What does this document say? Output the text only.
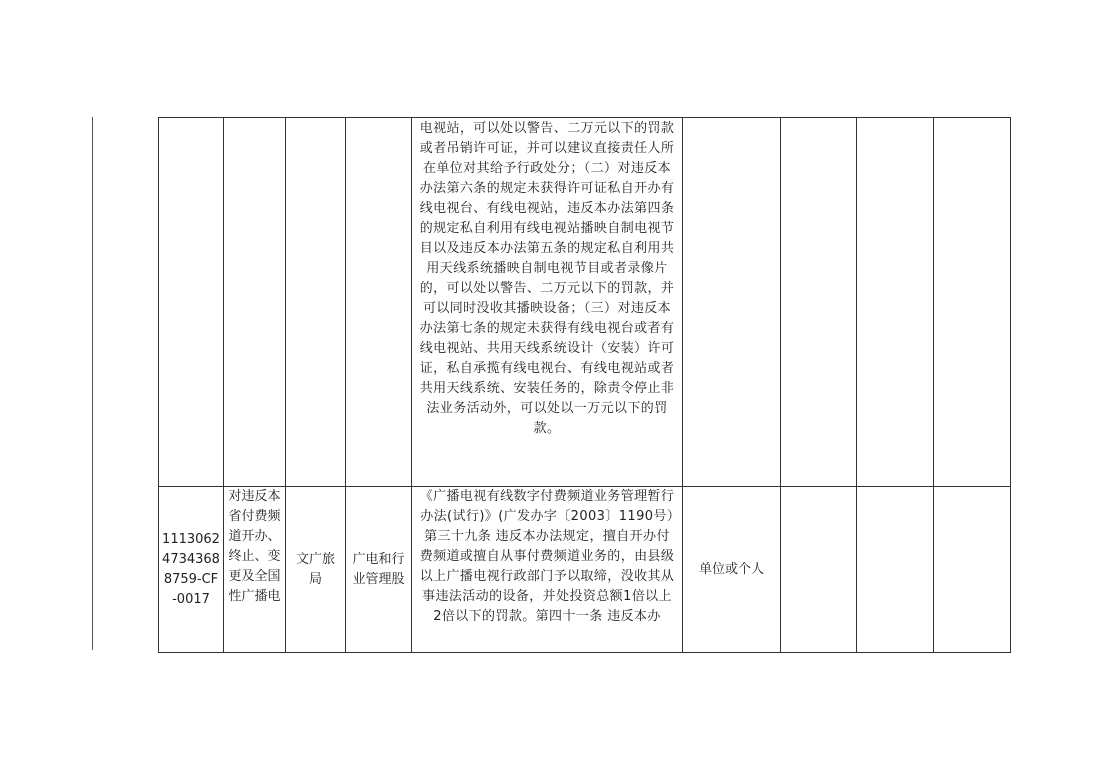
				电视站，可以处以警告、二万元以下的罚款或者吊销许可证，并可以建议直接责任人所在单位对其给予行政处分；（二）对违反本办法第六条的规定未获得许可证私自开办有线电视台、有线电视站，违反本办法第四条的规定私自利用有线电视站播映自制电视节目以及违反本办法第五条的规定私自利用共用天线系统播映自制电视节目或者录像片的，可以处以警告、二万元以下的罚款，并可以同时没收其播映设备；（三）对违反本办法第七条的规定未获得有线电视台或者有线电视站、共用天线系统设计（安装）许可证，私自承揽有线电视台、有线电视站或者共用天线系统、安装任务的，除责令停止非法业务活动外，可以处以一万元以下的罚款。				
111306247343688759-CF-0017	对违反本省付费频道开办、终止、变更及全国性广播电	文广旅局	广电和行业管理股	《广播电视有线数字付费频道业务管理暂行办法(试行)》(广发办字〔2003〕1190号）第三十九条 违反本办法规定，擅自开办付费频道或擅自从事付费频道业务的，由县级以上广播电视行政部门予以取缔，没收其从事违法活动的设备，并处投资总额1倍以上2倍以下的罚款。第四十一条 违反本办	单位或个人			
